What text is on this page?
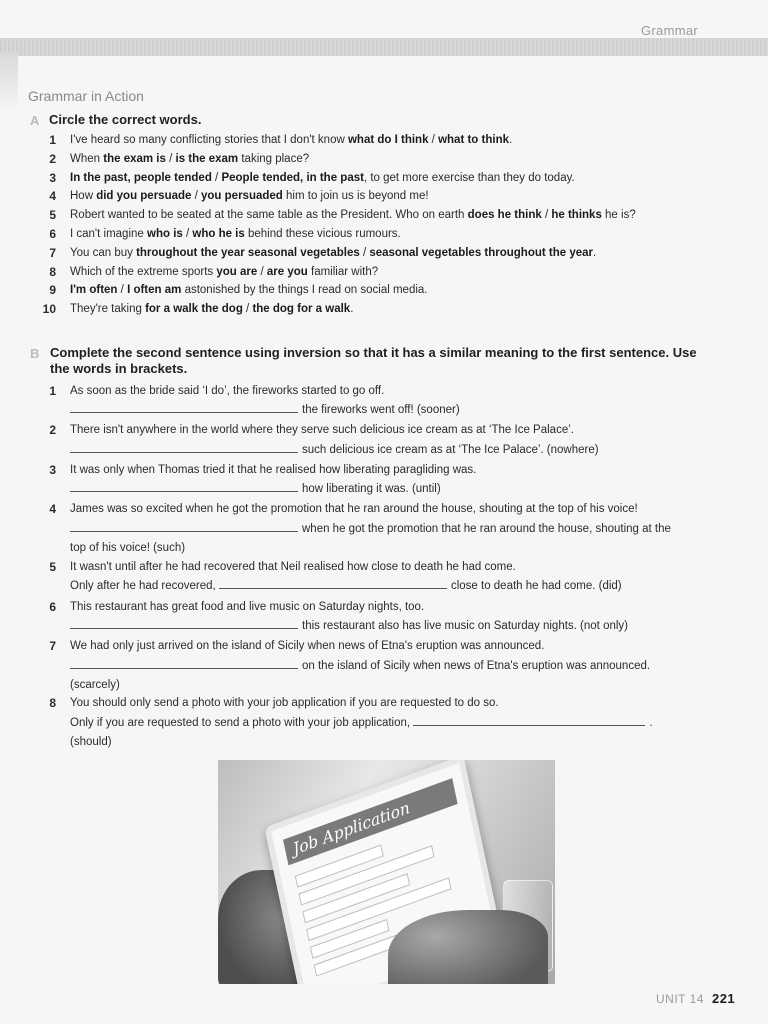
Grammar
Grammar in Action
A Circle the correct words.
1 I've heard so many conflicting stories that I don't know what do I think / what to think.
2 When the exam is / is the exam taking place?
3 In the past, people tended / People tended, in the past, to get more exercise than they do today.
4 How did you persuade / you persuaded him to join us is beyond me!
5 Robert wanted to be seated at the same table as the President. Who on earth does he think / he thinks he is?
6 I can't imagine who is / who he is behind these vicious rumours.
7 You can buy throughout the year seasonal vegetables / seasonal vegetables throughout the year.
8 Which of the extreme sports you are / are you familiar with?
9 I'm often / I often am astonished by the things I read on social media.
10 They're taking for a walk the dog / the dog for a walk.
B Complete the second sentence using inversion so that it has a similar meaning to the first sentence. Use
the words in brackets.
1 As soon as the bride said ‘I do’, the fireworks started to go off.
the fireworks went off! (sooner)
2 There isn't anywhere in the world where they serve such delicious ice cream as at ‘The Ice Palace’.
such delicious ice cream as at ‘The Ice Palace’. (nowhere)
3 It was only when Thomas tried it that he realised how liberating paragliding was.
how liberating it was. (until)
4 James was so excited when he got the promotion that he ran around the house, shouting at the top of his voice!
when he got the promotion that he ran around the house, shouting at the
top of his voice! (such)
5 It wasn't until after he had recovered that Neil realised how close to death he had come.
Only after he had recovered,	close to death he had come. (did)
6 This restaurant has great food and live music on Saturday nights, too.
this restaurant also has live music on Saturday nights. (not only)
7 We had only just arrived on the island of Sicily when news of Etna's eruption was announced.
on the island of Sicily when news of Etna's eruption was announced.
(scarcely)
8 You should only send a photo with your job application if you are requested to do so.
Only if you are requested to send a photo with your job application,	.
(should)
Job Application
UNIT 14 221
